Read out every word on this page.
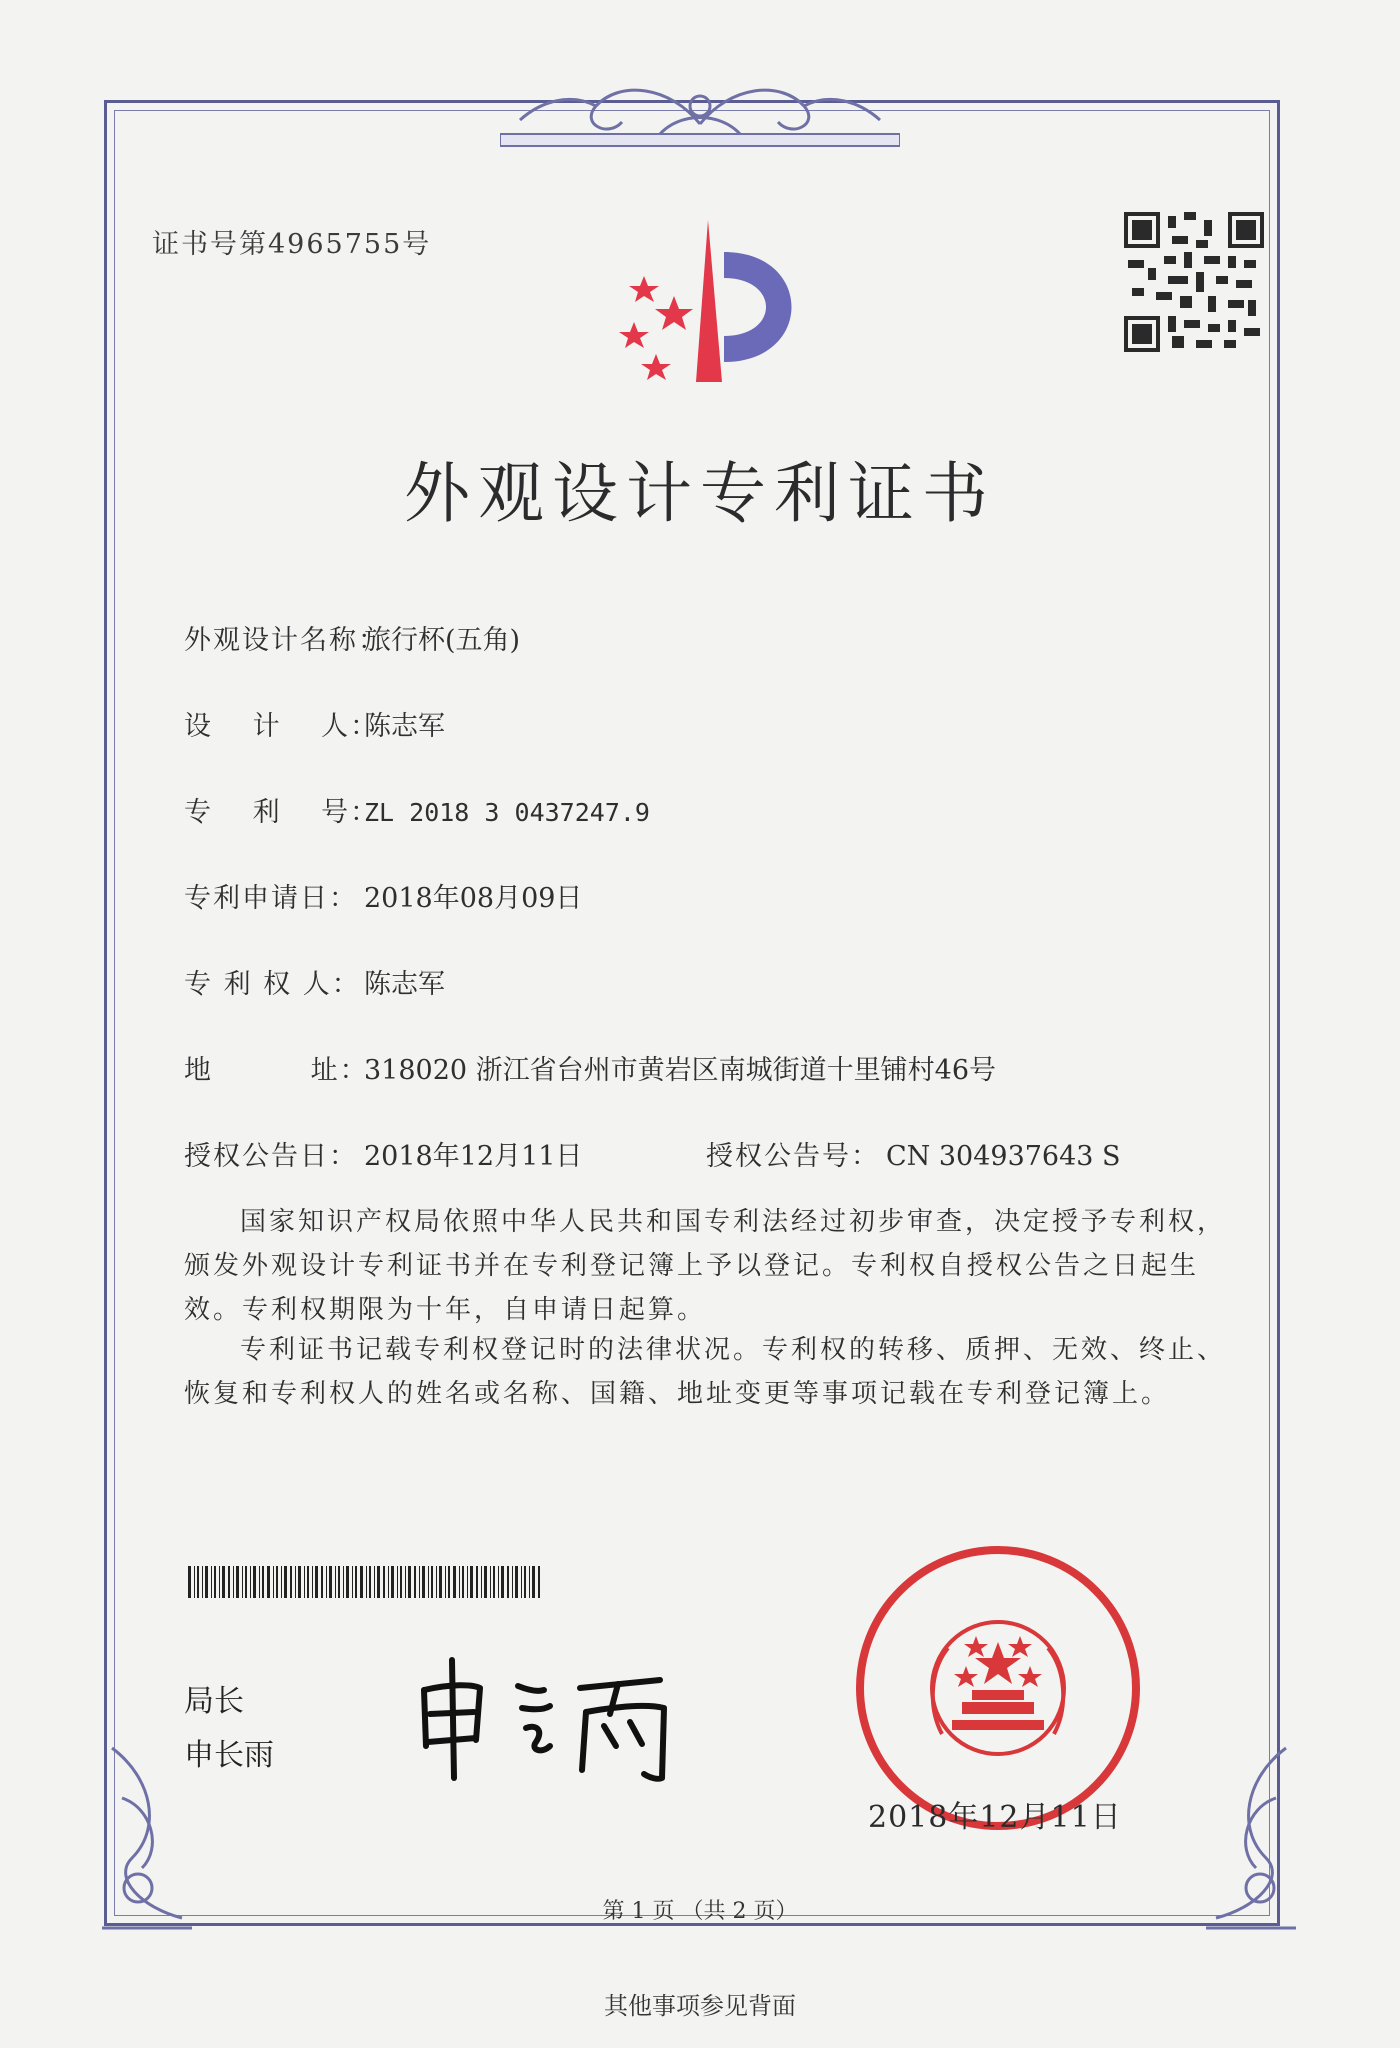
证书号第4965755号
外观设计专利证书
外观设计名称：旅行杯(五角)
设　 计　 人：陈志军
专　 利　 号：ZL 2018 3 0437247.9
专利申请日： 2018年08月09日
专 利 权 人： 陈志军
地　　　 址：318020 浙江省台州市黄岩区南城街道十里铺村46号
授权公告日： 2018年12月11日	授权公告号： CN 304937643 S
国家知识产权局依照中华人民共和国专利法经过初步审查，决定授予专利权，颁发外观设计专利证书并在专利登记簿上予以登记。专利权自授权公告之日起生效。专利权期限为十年，自申请日起算。
专利证书记载专利权登记时的法律状况。专利权的转移、质押、无效、终止、恢复和专利权人的姓名或名称、国籍、地址变更等事项记载在专利登记簿上。
局长
申长雨
2018年12月11日
第 1 页 （共 2 页）
其他事项参见背面
